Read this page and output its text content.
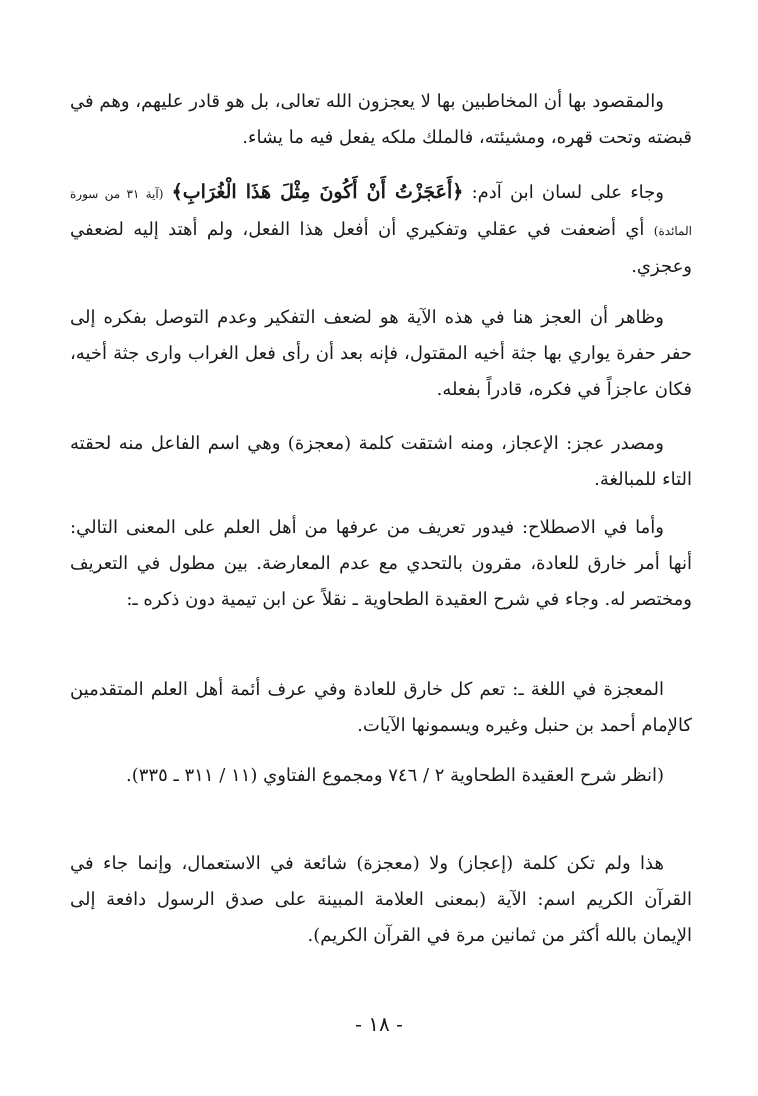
والمقصود بها أن المخاطبين بها لا يعجزون الله تعالى، بل هو قادر عليهم، وهم في قبضته وتحت قهره، ومشيئته، فالملك ملكه يفعل فيه ما يشاء.
وجاء على لسان ابن آدم: ﴿أَعَجَزْتُ أَنْ أَكُونَ مِثْلَ هَذَا الْغُرَابِ﴾ (آية ٣١ من سورة المائدة) أي أضعفت في عقلي وتفكيري أن أفعل هذا الفعل، ولم أهتد إليه لضعفي وعجزي.
وظاهر أن العجز هنا في هذه الآية هو لضعف التفكير وعدم التوصل بفكره إلى حفر حفرة يواري بها جثة أخيه المقتول، فإنه بعد أن رأى فعل الغراب وارى جثة أخيه، فكان عاجزاً في فكره، قادراً بفعله.
ومصدر عجز: الإعجاز، ومنه اشتقت كلمة (معجزة) وهي اسم الفاعل منه لحقته التاء للمبالغة.
وأما في الاصطلاح: فيدور تعريف من عرفها من أهل العلم على المعنى التالي: أنها أمر خارق للعادة، مقرون بالتحدي مع عدم المعارضة. بين مطول في التعريف ومختصر له. وجاء في شرح العقيدة الطحاوية ـ نقلاً عن ابن تيمية دون ذكره ـ:
المعجزة في اللغة ـ: تعم كل خارق للعادة وفي عرف أئمة أهل العلم المتقدمين كالإمام أحمد بن حنبل وغيره ويسمونها الآيات.
(انظر شرح العقيدة الطحاوية ٢ / ٧٤٦ ومجموع الفتاوي (١١ / ٣١١ ـ ٣٣٥).
هذا ولم تكن كلمة (إعجاز) ولا (معجزة) شائعة في الاستعمال، وإنما جاء في القرآن الكريم اسم: الآية (بمعنى العلامة المبينة على صدق الرسول دافعة إلى الإيمان بالله أكثر من ثمانين مرة في القرآن الكريم).
- ١٨ -
